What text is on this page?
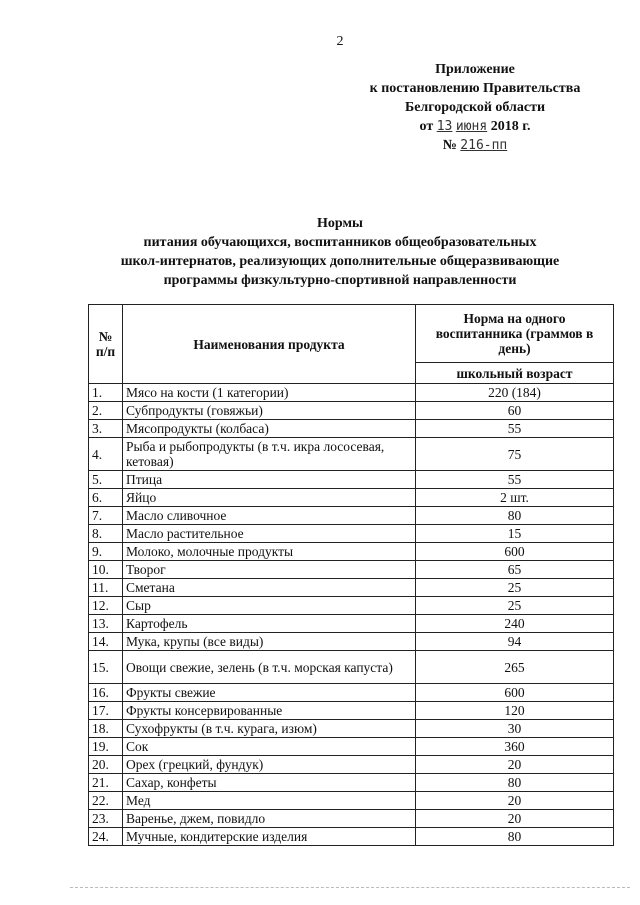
2
Приложение
к постановлению Правительства
Белгородской области
от 13 июня 2018 г.
№ 216-пп
Нормы
питания обучающихся, воспитанников общеобразовательных
школ-интернатов, реализующих дополнительные общеразвивающие
программы физкультурно-спортивной направленности
№ п/п	Наименования продукта	Норма на одного воспитанника (граммов в день)
		школьный возраст
1.	Мясо на кости (1 категории)	220 (184)
2.	Субпродукты (говяжьи)	60
3.	Мясопродукты (колбаса)	55
4.	Рыба и рыбопродукты (в т.ч. икра лососевая, кетовая)	75
5.	Птица	55
6.	Яйцо	2 шт.
7.	Масло сливочное	80
8.	Масло растительное	15
9.	Молоко, молочные продукты	600
10.	Творог	65
11.	Сметана	25
12.	Сыр	25
13.	Картофель	240
14.	Мука, крупы (все виды)	94
15.	Овощи свежие, зелень (в т.ч. морская капуста)	265
16.	Фрукты свежие	600
17.	Фрукты консервированные	120
18.	Сухофрукты (в т.ч. курага, изюм)	30
19.	Сок	360
20.	Орех (грецкий, фундук)	20
21.	Сахар, конфеты	80
22.	Мед	20
23.	Варенье, джем, повидло	20
24.	Мучные, кондитерские изделия	80
